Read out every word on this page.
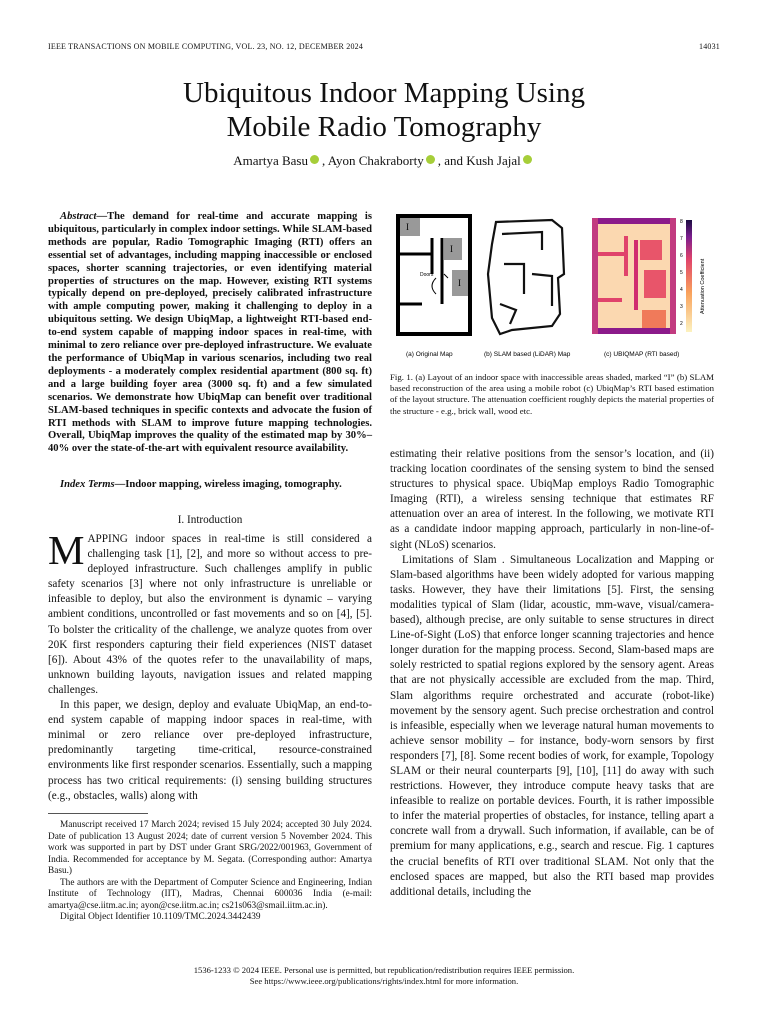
IEEE TRANSACTIONS ON MOBILE COMPUTING, VOL. 23, NO. 12, DECEMBER 2024	14031
Ubiquitous Indoor Mapping Using
Mobile Radio Tomography
Amartya Basu , Ayon Chakraborty , and Kush Jajal

Abstract—The demand for real-time and accurate mapping is ubiquitous, particularly in complex indoor settings. While SLAM-based methods are popular, Radio Tomographic Imaging (RTI) offers an essential set of advantages, including mapping inaccessible or enclosed spaces, shorter scanning trajectories, or even identifying material properties of structures on the map. However, existing RTI systems typically depend on pre-deployed, precisely calibrated infrastructure with ample computing power, making it challenging to deploy in a ubiquitous setting. We design UbiqMap, a lightweight RTI-based end-to-end system capable of mapping indoor spaces in real-time, with minimal to zero reliance over pre-deployed infrastructure. We evaluate the performance of UbiqMap in various scenarios, including two real deployments - a moderately complex residential apartment (800 sq. ft) and a large building foyer area (3000 sq. ft) and a few simulated scenarios. We demonstrate how UbiqMap can benefit over traditional SLAM-based techniques in specific contexts and advocate the fusion of RTI methods with SLAM to improve future mapping technologies. Overall, UbiqMap improves the quality of the estimated map by 30%–40% over the state-of-the-art with equivalent resource availability.

Index Terms—Indoor mapping, wireless imaging, tomography.

I. Introduction

MAPPING indoor spaces in real-time is still considered a challenging task [1], [2], and more so without access to pre-deployed infrastructure. Such challenges amplify in public safety scenarios [3] where not only infrastructure is unreliable or infeasible to deploy, but also the environment is dynamic – varying ambient conditions, uncontrolled or fast movements and so on [4], [5]. To bolster the criticality of the challenge, we analyze quotes from over 20K first responders capturing their field experiences (NIST dataset [6]). About 43% of the quotes refer to the unavailability of maps, unknown building layouts, navigation issues and related mapping challenges.

In this paper, we design, deploy and evaluate UbiqMap, an end-to-end system capable of mapping indoor spaces in real-time, with minimal or zero reliance over pre-deployed infrastructure, predominantly targeting time-critical, resource-constrained environments like first responder scenarios. Essentially, such a mapping process has two critical requirements: (i) sensing building structures (e.g., obstacles, walls) along with

Manuscript received 17 March 2024; revised 15 July 2024; accepted 30 July 2024. Date of publication 13 August 2024; date of current version 5 November 2024. This work was supported in part by DST under Grant SRG/2022/001963, Government of India. Recommended for acceptance by M. Segata. (Corresponding author: Amartya Basu.)

The authors are with the Department of Computer Science and Engineering, Indian Institute of Technology (IIT), Madras, Chennai 600036 India (e-mail: amartya@cse.iitm.ac.in; ayon@cse.iitm.ac.in; cs21s063@smail.iitm.ac.in).

Digital Object Identifier 10.1109/TMC.2024.3442439

I
I
I
Doors
8
7
6
5
4
3
2
Attenuation Coefficient
(a) Original Map	(b) SLAM based (LiDAR) Map	(c) UBIQMAP (RTI based)
Fig. 1. (a) Layout of an indoor space with inaccessible areas shaded, marked “I” (b) SLAM based reconstruction of the area using a mobile robot (c) UbiqMap’s RTI based estimation of the layout structure. The attenuation coefficient roughly depicts the material properties of the structure - e.g., brick wall, wood etc.

estimating their relative positions from the sensor’s location, and (ii) tracking location coordinates of the sensing system to bind the sensed structures to physical space. UbiqMap employs Radio Tomographic Imaging (RTI), a wireless sensing technique that estimates RF attenuation over an area of interest. In the following, we motivate RTI as a candidate indoor mapping approach, particularly in non-line-of-sight (NLoS) scenarios.

Limitations of Slam . Simultaneous Localization and Mapping or Slam-based algorithms have been widely adopted for various mapping tasks. However, they have their limitations [5]. First, the sensing modalities typical of Slam (lidar, acoustic, mm-wave, visual/camera-based), although precise, are only suitable to sense structures in direct Line-of-Sight (LoS) that enforce longer scanning trajectories and hence longer duration for the mapping process. Second, Slam-based maps are solely restricted to spatial regions explored by the sensory agent. Areas that are not physically accessible are excluded from the map. Third, Slam algorithms require orchestrated and accurate (robot-like) movement by the sensory agent. Such precise orchestration and control is infeasible, especially when we leverage natural human movements to achieve sensor mobility – for instance, body-worn sensors by first responders [7], [8]. Some recent bodies of work, for example, Topology SLAM or their neural counterparts [9], [10], [11] do away with such restrictions. However, they introduce compute heavy tasks that are infeasible to realize on portable devices. Fourth, it is rather impossible to infer the material properties of obstacles, for instance, telling apart a concrete wall from a drywall. Such information, if available, can be of premium for many applications, e.g., search and rescue. Fig. 1 captures the crucial benefits of RTI over traditional SLAM. Not only that the enclosed spaces are mapped, but also the RTI based map provides additional details, including the

1536-1233 © 2024 IEEE. Personal use is permitted, but republication/redistribution requires IEEE permission.
See https://www.ieee.org/publications/rights/index.html for more information.
